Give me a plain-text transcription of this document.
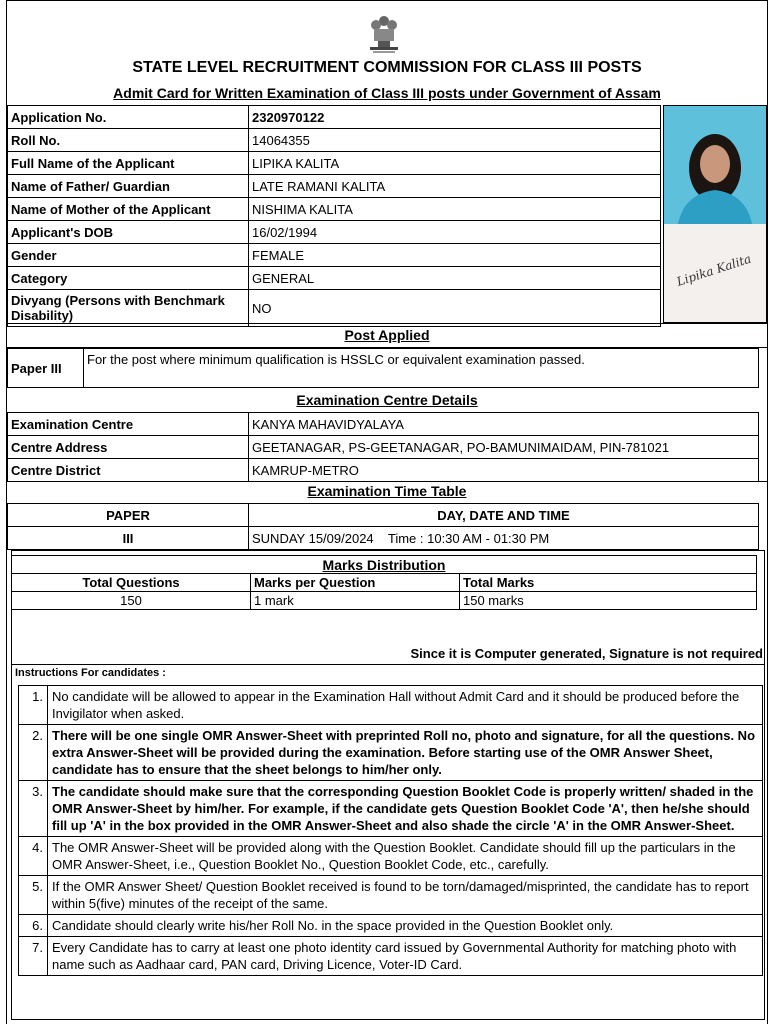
STATE LEVEL RECRUITMENT COMMISSION FOR CLASS III POSTS
Admit Card for Written Examination of Class III posts under Government of Assam
Application No.	2320970122
Roll No.	14064355
Full Name of the Applicant	LIPIKA KALITA
Name of Father/ Guardian	LATE RAMANI KALITA
Name of Mother of the Applicant	NISHIMA KALITA
Applicant's DOB	16/02/1994
Gender	FEMALE
Category	GENERAL
Divyang (Persons with Benchmark Disability)	NO
Lipika Kalita
Post Applied
Paper III	For the post where minimum qualification is HSSLC or equivalent examination passed.
Examination Centre Details
Examination Centre	KANYA MAHAVIDYALAYA
Centre Address	GEETANAGAR, PS-GEETANAGAR, PO-BAMUNIMAIDAM, PIN-781021
Centre District	KAMRUP-METRO
Examination Time Table
PAPER	DAY, DATE AND TIME
III	SUNDAY 15/09/2024    Time : 10:30 AM - 01:30 PM
Marks Distribution		
Total Questions	Marks per Question	Total Marks
150	1 mark	150 marks
Since it is Computer generated, Signature is not required
Instructions For candidates :
1.	No candidate will be allowed to appear in the Examination Hall without Admit Card and it should be produced before the Invigilator when asked.
2.	There will be one single OMR Answer-Sheet with preprinted Roll no, photo and signature, for all the questions. No extra Answer-Sheet will be provided during the examination. Before starting use of the OMR Answer Sheet, candidate has to ensure that the sheet belongs to him/her only.
3.	The candidate should make sure that the corresponding Question Booklet Code is properly written/ shaded in the OMR Answer-Sheet by him/her. For example, if the candidate gets Question Booklet Code 'A', then he/she should fill up 'A' in the box provided in the OMR Answer-Sheet and also shade the circle 'A' in the OMR Answer-Sheet.
4.	The OMR Answer-Sheet will be provided along with the Question Booklet. Candidate should fill up the particulars in the OMR Answer-Sheet, i.e., Question Booklet No., Question Booklet Code, etc., carefully.
5.	If the OMR Answer Sheet/ Question Booklet received is found to be torn/damaged/misprinted, the candidate has to report within 5(five) minutes of the receipt of the same.
6.	Candidate should clearly write his/her Roll No. in the space provided in the Question Booklet only.
7.	Every Candidate has to carry at least one photo identity card issued by Governmental Authority for matching photo with name such as Aadhaar card, PAN card, Driving Licence, Voter-ID Card.
